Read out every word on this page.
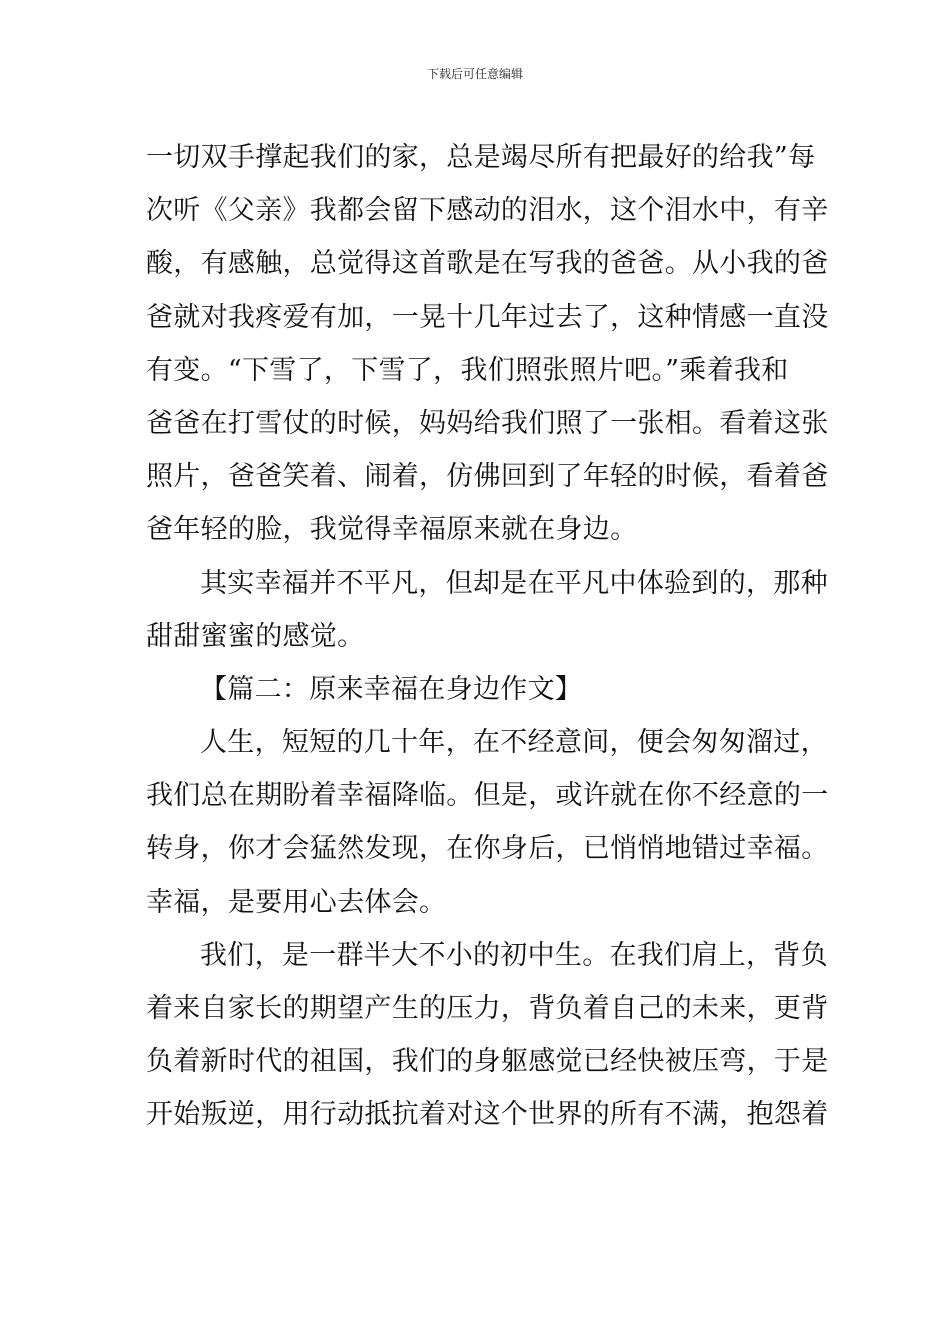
下载后可任意编辑
一切双手撑起我们的家，总是竭尽所有把最好的给我”每
次听《父亲》我都会留下感动的泪水，这个泪水中，有辛
酸，有感触，总觉得这首歌是在写我的爸爸。从小我的爸
爸就对我疼爱有加，一晃十几年过去了，这种情感一直没
有变。“下雪了，下雪了，我们照张照片吧。”乘着我和
爸爸在打雪仗的时候，妈妈给我们照了一张相。看着这张
照片，爸爸笑着、闹着，仿佛回到了年轻的时候，看着爸
爸年轻的脸，我觉得幸福原来就在身边。
其实幸福并不平凡，但却是在平凡中体验到的，那种
甜甜蜜蜜的感觉。
【篇二：原来幸福在身边作文】
人生，短短的几十年，在不经意间，便会匆匆溜过，
我们总在期盼着幸福降临。但是，或许就在你不经意的一
转身，你才会猛然发现，在你身后，已悄悄地错过幸福。
幸福，是要用心去体会。
我们，是一群半大不小的初中生。在我们肩上，背负
着来自家长的期望产生的压力，背负着自己的未来，更背
负着新时代的祖国，我们的身躯感觉已经快被压弯，于是
开始叛逆，用行动抵抗着对这个世界的所有不满，抱怨着
